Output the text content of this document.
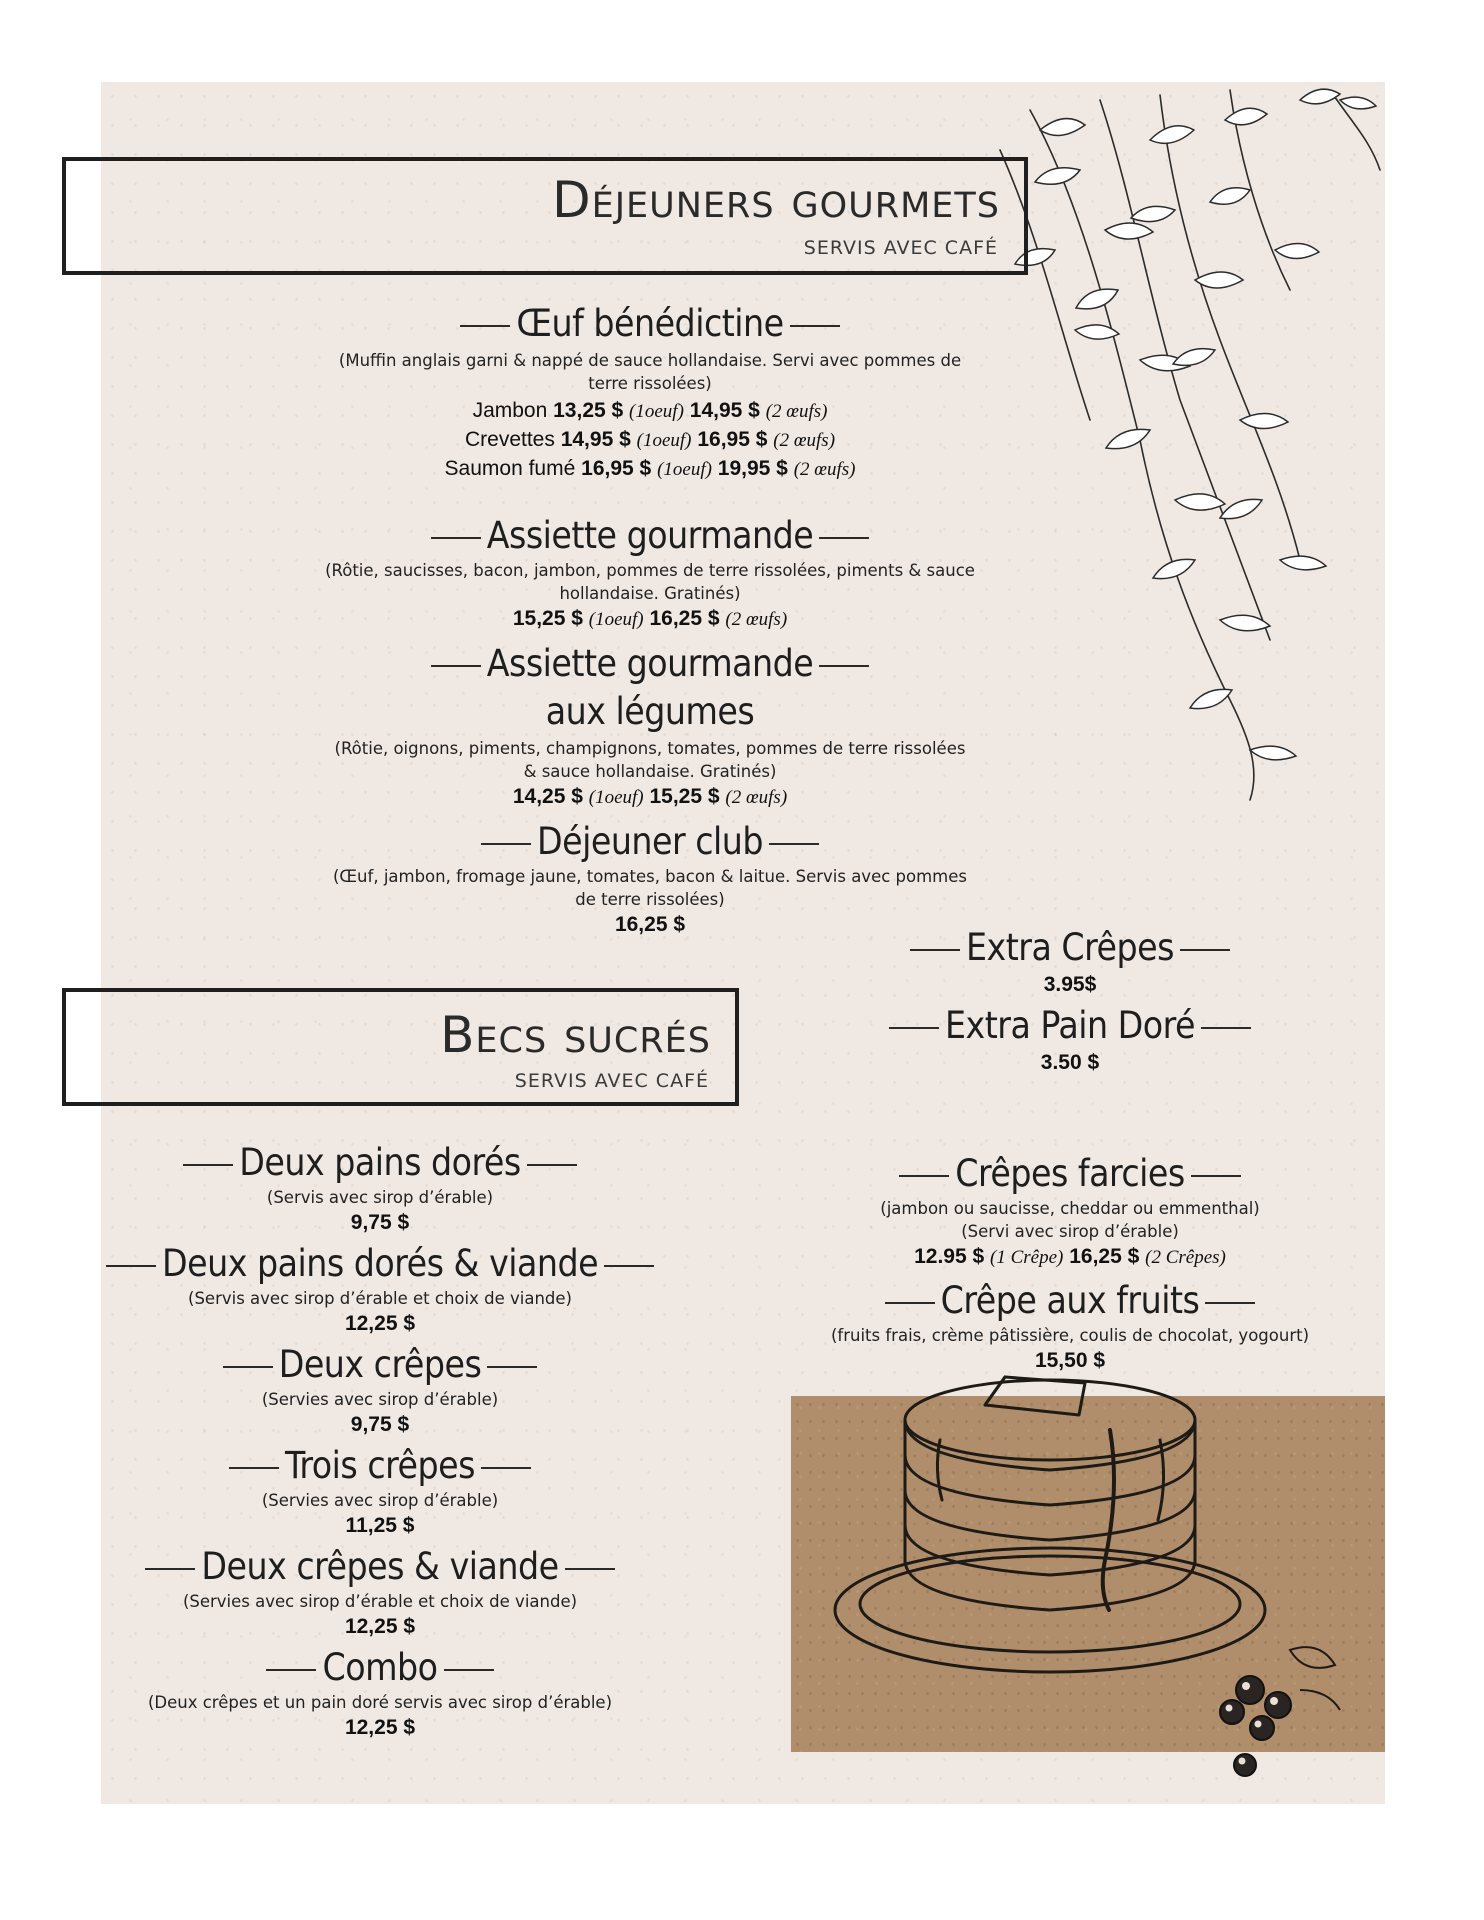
Déjeuners gourmets
SERVIS AVEC CAFÉ
Œuf bénédictine
(Muffin anglais garni & nappé de sauce hollandaise. Servi avec pommes de
terre rissolées)
Jambon 13,25 $ (1oeuf) 14,95 $ (2 œufs)
Crevettes 14,95 $ (1oeuf) 16,95 $ (2 œufs)
Saumon fumé 16,95 $ (1oeuf) 19,95 $ (2 œufs)
Assiette gourmande
(Rôtie, saucisses, bacon, jambon, pommes de terre rissolées, piments & sauce
hollandaise. Gratinés)
15,25 $ (1oeuf) 16,25 $ (2 œufs)
Assiette gourmande
aux légumes
(Rôtie, oignons, piments, champignons, tomates, pommes de terre rissolées
& sauce hollandaise. Gratinés)
14,25 $ (1oeuf) 15,25 $ (2 œufs)
Déjeuner club
(Œuf, jambon, fromage jaune, tomates, bacon & laitue. Servis avec pommes
de terre rissolées)
16,25 $
Extra Crêpes
3.95$
Extra Pain Doré
3.50 $
Becs sucrés
SERVIS AVEC CAFÉ
Deux pains dorés
(Servis avec sirop d’érable)
9,75 $
Deux pains dorés & viande
(Servis avec sirop d’érable et choix de viande)
12,25 $
Deux crêpes
(Servies avec sirop d’érable)
9,75 $
Trois crêpes
(Servies avec sirop d’érable)
11,25 $
Deux crêpes & viande
(Servies avec sirop d’érable et choix de viande)
12,25 $
Combo
(Deux crêpes et un pain doré servis avec sirop d’érable)
12,25 $
Crêpes farcies
(jambon ou saucisse, cheddar ou emmenthal)
(Servi avec sirop d’érable)
12.95 $ (1 Crêpe) 16,25 $ (2 Crêpes)
Crêpe aux fruits
(fruits frais, crème pâtissière, coulis de chocolat, yogourt)
15,50 $
